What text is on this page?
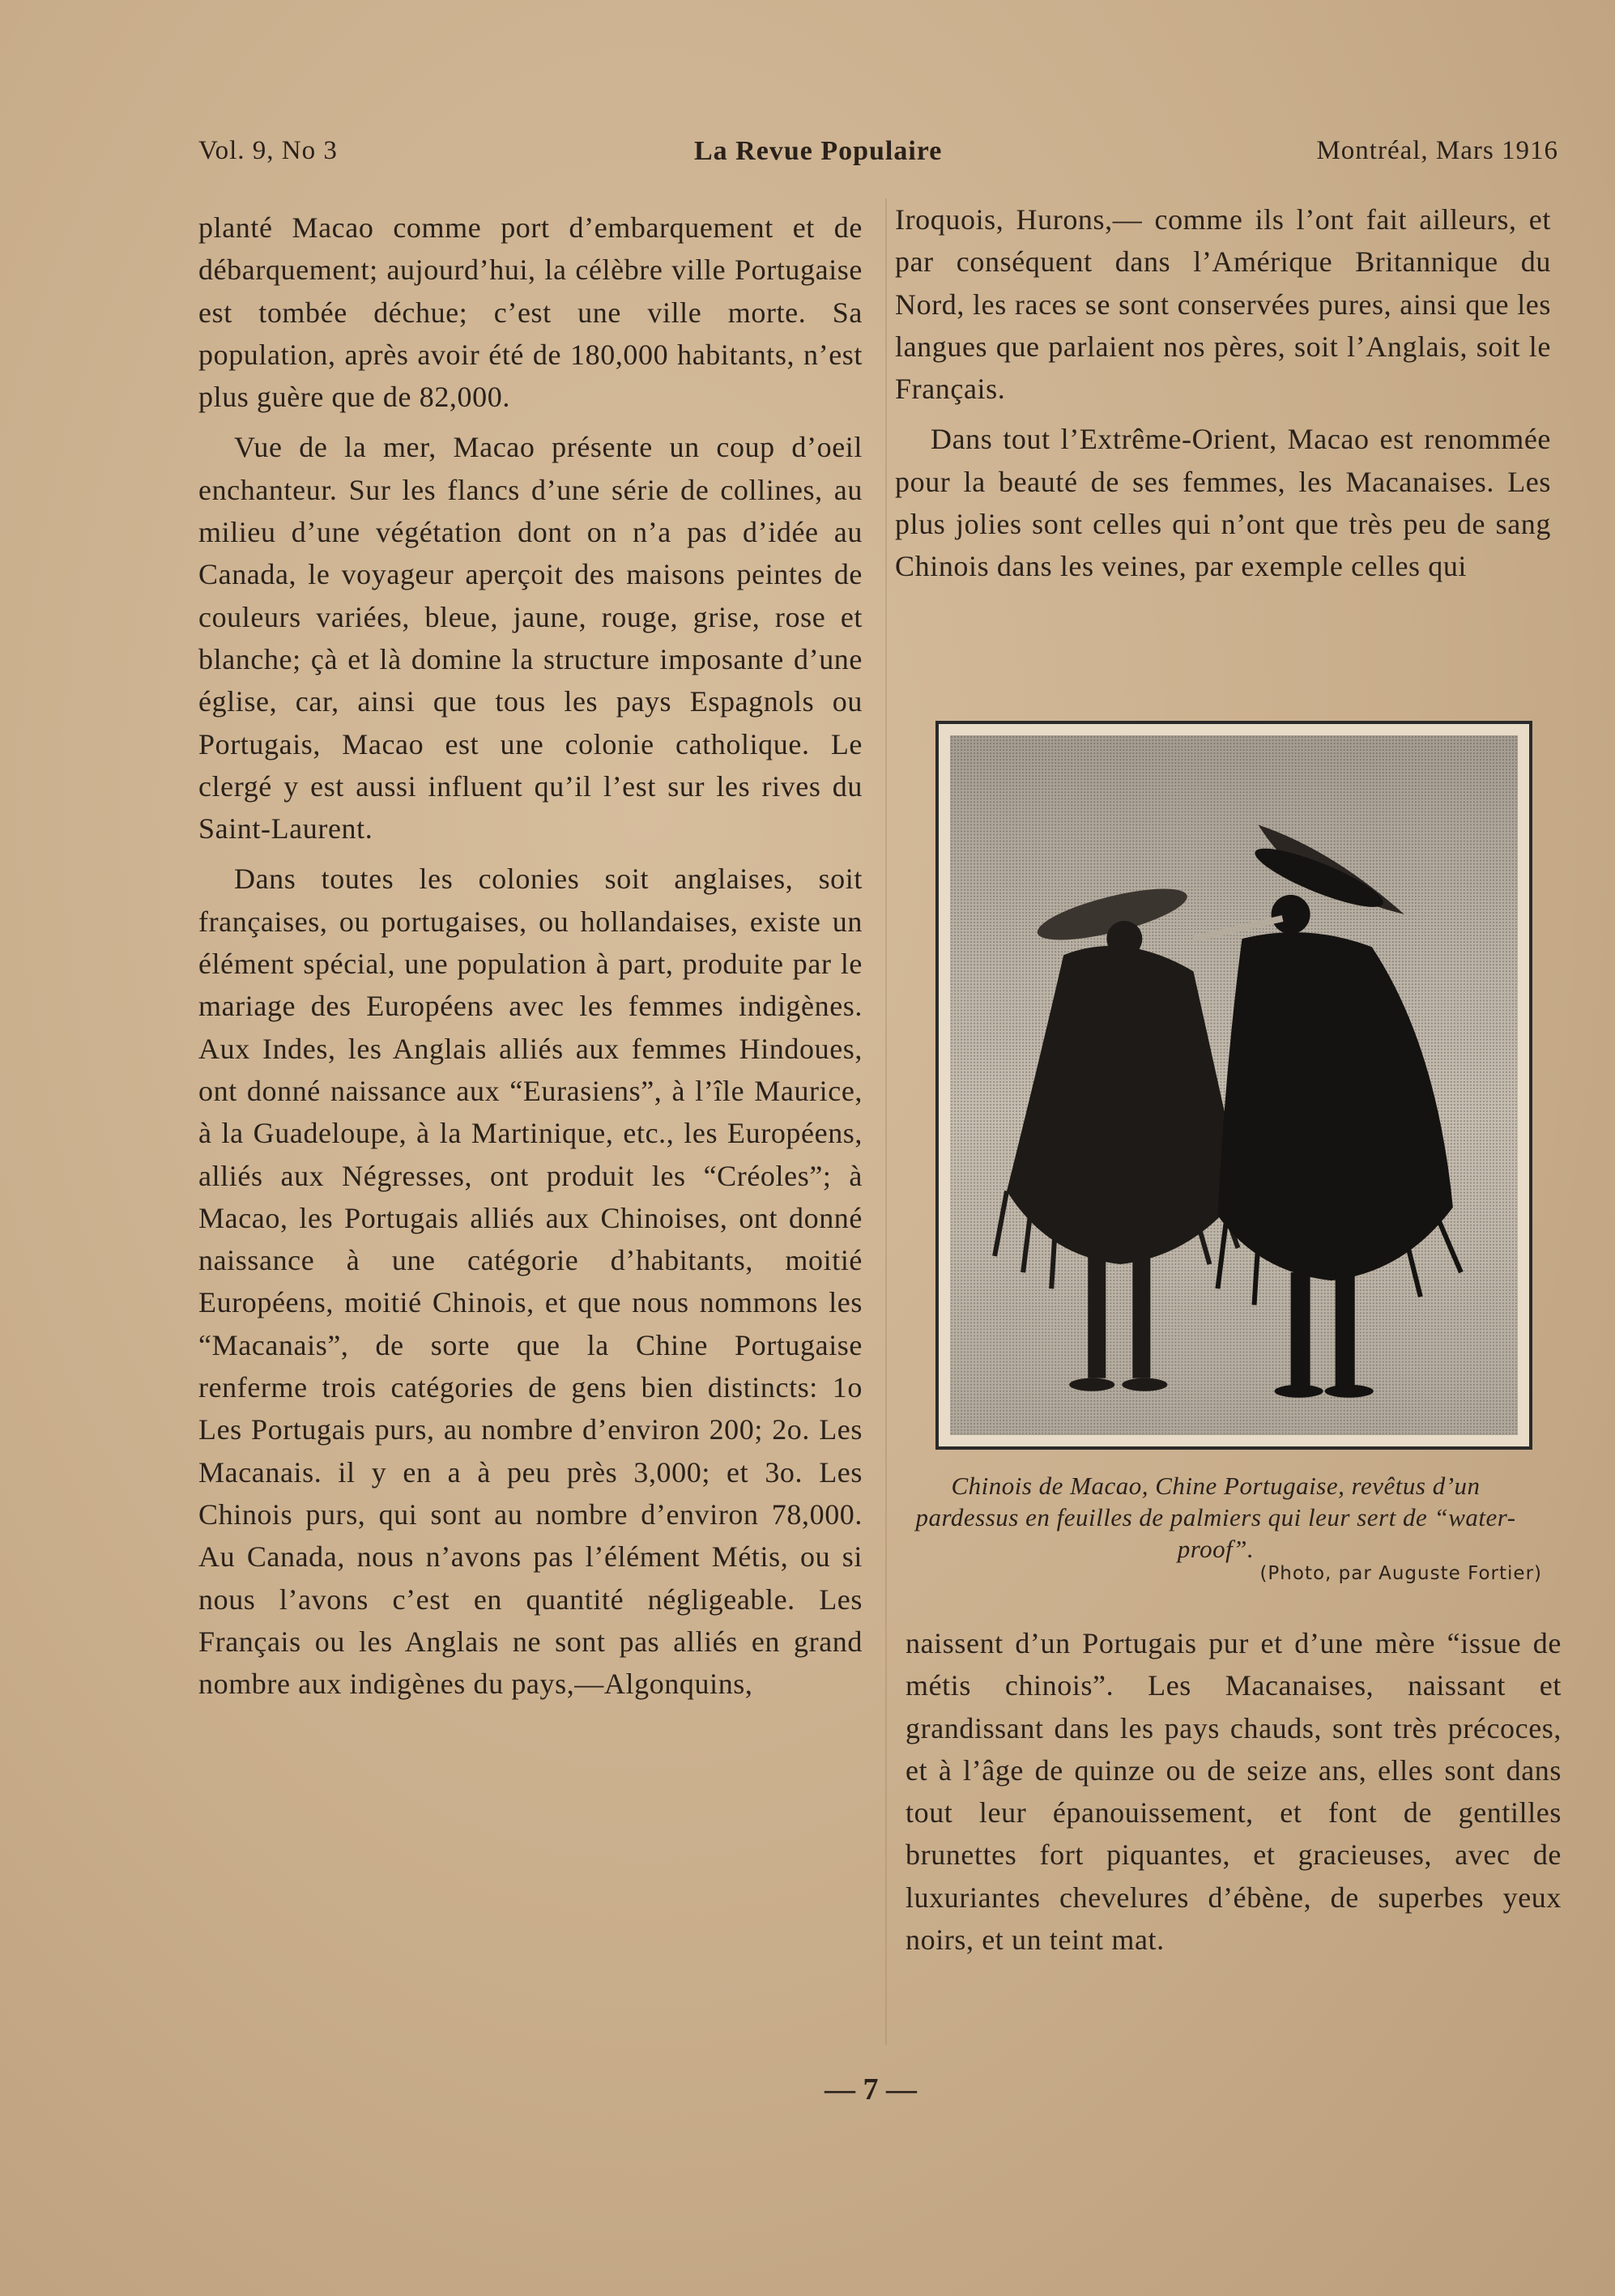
Vol. 9, No 3	La Revue Populaire	Montréal, Mars 1916

planté Macao comme port d’embarquement et de débarquement; aujourd’hui, la célèbre ville Portugaise est tombée déchue; c’est une ville morte. Sa population, après avoir été de 180,000 habitants, n’est plus guère que de 82,000.

Vue de la mer, Macao présente un coup d’oeil enchanteur. Sur les flancs d’une série de collines, au milieu d’une végétation dont on n’a pas d’idée au Canada, le voyageur aperçoit des maisons peintes de couleurs variées, bleue, jaune, rouge, grise, rose et blanche; çà et là domine la structure imposante d’une église, car, ainsi que tous les pays Espagnols ou Portugais, Macao est une colonie catholique. Le clergé y est aussi influent qu’il l’est sur les rives du Saint-Laurent.

Dans toutes les colonies soit anglaises, soit françaises, ou portugaises, ou hollandaises, existe un élément spécial, une population à part, produite par le mariage des Européens avec les femmes indigènes. Aux Indes, les Anglais alliés aux femmes Hindoues, ont donné naissance aux “Eurasiens”, à l’île Maurice, à la Guadeloupe, à la Martinique, etc., les Européens, alliés aux Négresses, ont produit les “Créoles”; à Macao, les Portugais alliés aux Chinoises, ont donné naissance à une catégorie d’habitants, moitié Européens, moitié Chinois, et que nous nommons les “Macanais”, de sorte que la Chine Portugaise renferme trois catégories de gens bien distincts: 1o Les Portugais purs, au nombre d’environ 200; 2o. Les Macanais. il y en a à peu près 3,000; et 3o. Les Chinois purs, qui sont au nombre d’environ 78,000. Au Canada, nous n’avons pas l’élément Métis, ou si nous l’avons c’est en quantité négligeable. Les Français ou les Anglais ne sont pas alliés en grand nombre aux indigènes du pays,—Algonquins,

Iroquois, Hurons,— comme ils l’ont fait ailleurs, et par conséquent dans l’Amérique Britannique du Nord, les races se sont conservées pures, ainsi que les langues que parlaient nos pères, soit l’Anglais, soit le Français.

Dans tout l’Extrême-Orient, Macao est renommée pour la beauté de ses femmes, les Macanaises. Les plus jolies sont celles qui n’ont que très peu de sang Chinois dans les veines, par exemple celles qui

Chinois de Macao, Chine Portugaise, revêtus d’un pardessus en feuilles de palmiers qui leur sert de “water-proof”.
(Photo, par Auguste Fortier)

naissent d’un Portugais pur et d’une mère “issue de métis chinois”. Les Macanaises, naissant et grandissant dans les pays chauds, sont très précoces, et à l’âge de quinze ou de seize ans, elles sont dans tout leur épanouissement, et font de gentilles brunettes fort piquantes, et gracieuses, avec de luxuriantes chevelures d’ébène, de superbes yeux noirs, et un teint mat.

— 7 —
